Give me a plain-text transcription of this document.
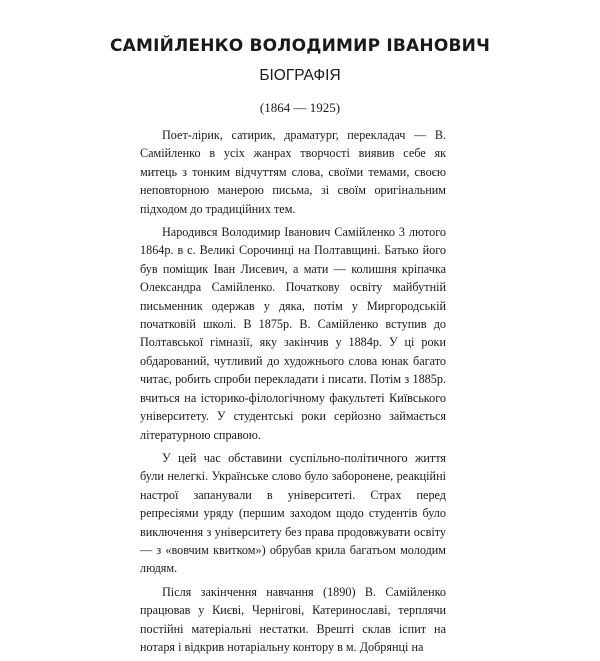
САМІЙЛЕНКО ВОЛОДИМИР ІВАНОВИЧ
БІОГРАФІЯ
(1864 — 1925)

Поет-лірик, сатирик, драматург, перекладач — В. Самійленко в усіх жанрах творчості виявив себе як митець з тонким відчуттям слова, своїми темами, своєю неповторною манерою письма, зі своїм оригінальним підходом до традиційних тем.

Народився Володимир Іванович Самійленко 3 лютого 1864р. в с. Великі Сорочинці на Полтавщині. Батько його був поміщик Іван Лисевич, а мати — колишня кріпачка Олександра Самійленко. Початкову освіту майбутній письменник одержав у дяка, потім у Миргородській початковій школі. В 1875р. В. Самійленко вступив до Полтавської гімназії, яку закінчив у 1884р. У ці роки обдарований, чутливий до художнього слова юнак багато читає, робить спроби перекладати і писати. Потім з 1885р. вчиться на історико-філологічному факультеті Київського університету. У студентські роки серйозно займається літературною справою.

У цей час обставини суспільно-політичного життя були нелегкі. Українське слово було заборонене, реакційні настрої запанували в університеті. Страх перед репресіями уряду (першим заходом щодо студентів було виключення з університету без права продовжувати освіту — з «вовчим квитком») обрубав крила багатьом молодим людям.

Після закінчення навчання (1890) В. Самійленко працював у Києві, Чернігові, Катеринославі, терплячи постійні матеріальні нестатки. Врешті склав іспит на нотаря і відкрив нотаріальну контору в м. Добрянці на
